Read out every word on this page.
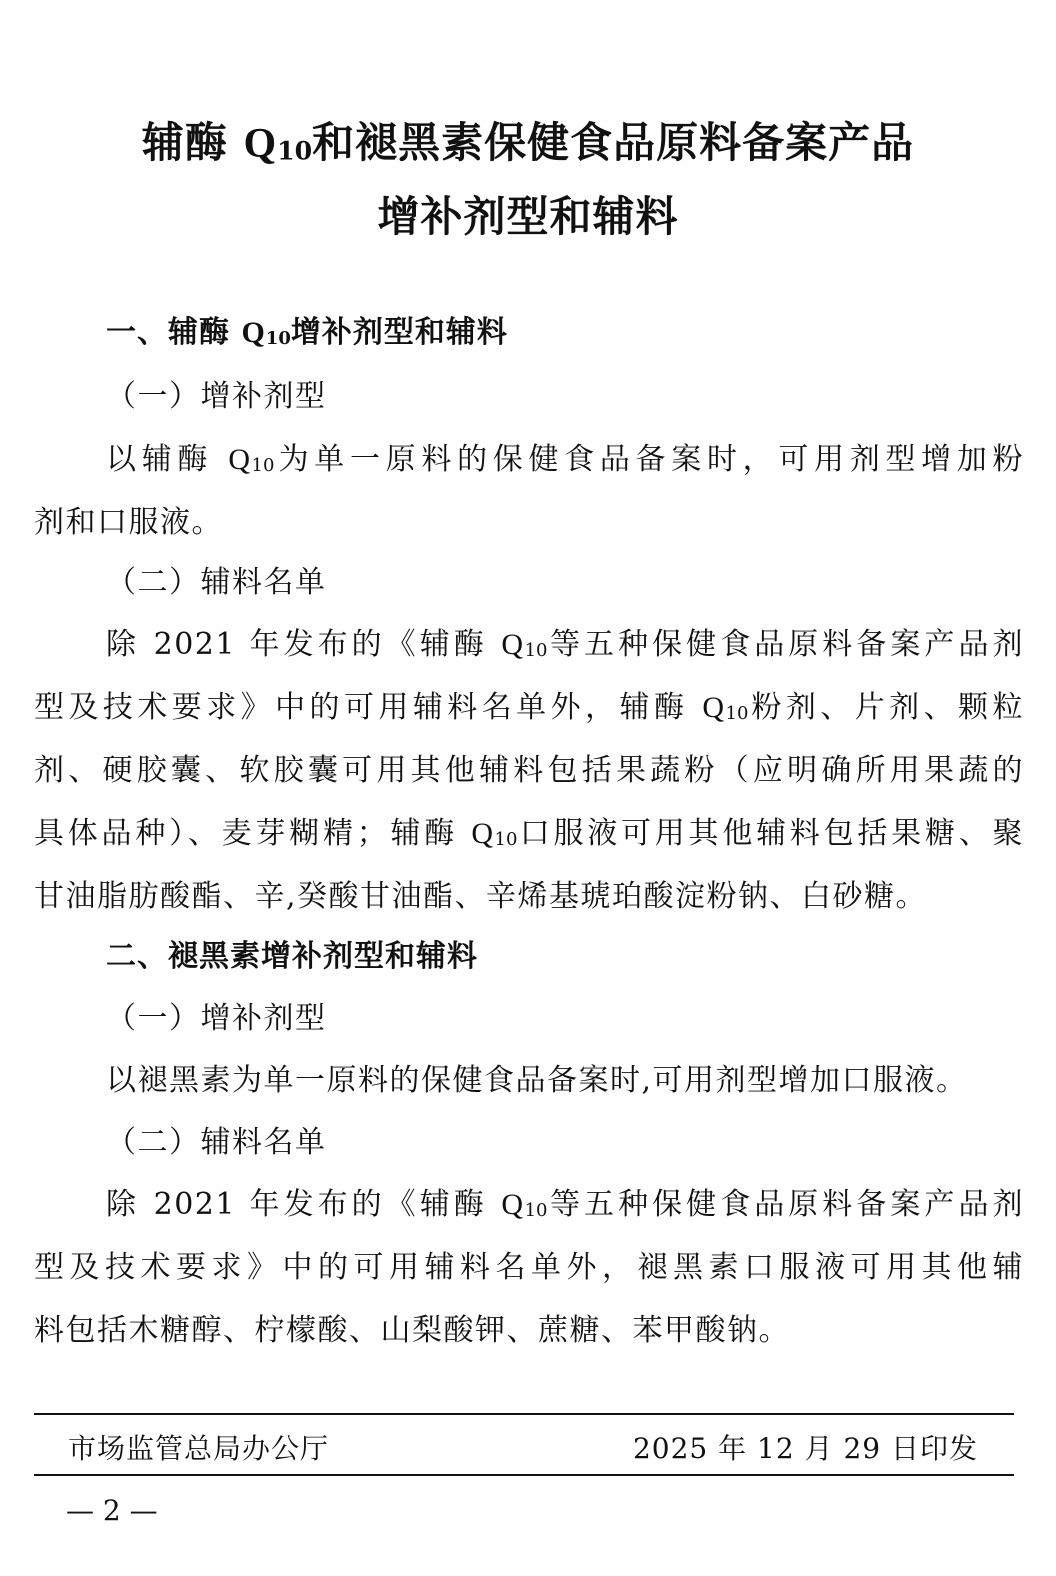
辅酶 Q10和褪黑素保健食品原料备案产品
增补剂型和辅料
一、辅酶 Q10增补剂型和辅料
（一）增补剂型
以辅酶 Q10为单一原料的保健食品备案时，可用剂型增加粉
剂和口服液。
（二）辅料名单
除 2021 年发布的《辅酶 Q10等五种保健食品原料备案产品剂
型及技术要求》中的可用辅料名单外，辅酶 Q10粉剂、片剂、颗粒
剂、硬胶囊、软胶囊可用其他辅料包括果蔬粉（应明确所用果蔬的
具体品种）、麦芽糊精；辅酶 Q10口服液可用其他辅料包括果糖、聚
甘油脂肪酸酯、辛,癸酸甘油酯、辛烯基琥珀酸淀粉钠、白砂糖。
二、褪黑素增补剂型和辅料
（一）增补剂型
以褪黑素为单一原料的保健食品备案时,可用剂型增加口服液。
（二）辅料名单
除 2021 年发布的《辅酶 Q10等五种保健食品原料备案产品剂
型及技术要求》中的可用辅料名单外，褪黑素口服液可用其他辅
料包括木糖醇、柠檬酸、山梨酸钾、蔗糖、苯甲酸钠。
市场监管总局办公厅	2025 年 12 月 29 日印发
— 2 —
